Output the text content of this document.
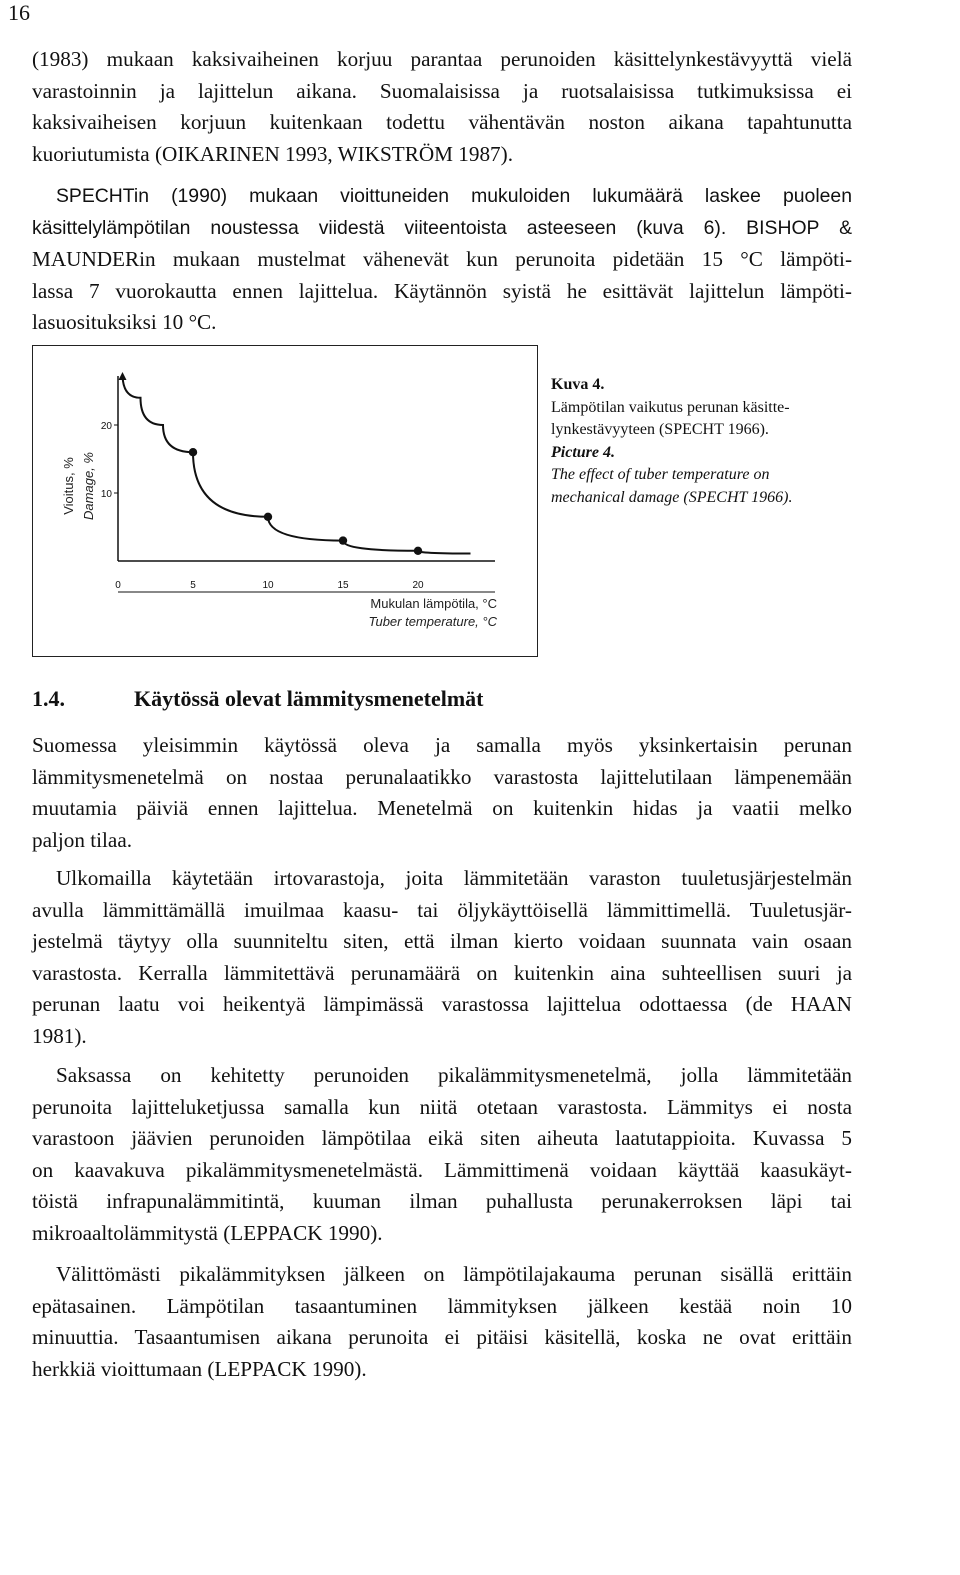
16
(1983) mukaan kaksivaiheinen korjuu parantaa perunoiden käsittelynkestävyyttä vielä
varastoinnin ja lajittelun aikana. Suomalaisissa ja ruotsalaisissa tutkimuksissa ei
kaksivaiheisen korjuun kuitenkaan todettu vähentävän noston aikana tapahtunutta
kuoriutumista (OIKARINEN 1993, WIKSTRÖM 1987).
SPECHTin (1990) mukaan vioittuneiden mukuloiden lukumäärä laskee puoleen
käsittelylämpötilan noustessa viidestä viiteentoista asteeseen (kuva 6). BISHOP &
MAUNDERin mukaan mustelmat vähenevät kun perunoita pidetään 15 °C lämpöti-
lassa 7 vuorokautta ennen lajittelua. Käytännön syistä he esittävät lajittelun lämpöti-
lasuosituksiksi 10 °C.
20
10
0	5	10	15	20
Vioitus, % Damage, %
Mukulan lämpötila, °C
Tuber temperature, °C
Kuva 4.
Lämpötilan vaikutus perunan käsitte-
lynkestävyyteen (SPECHT 1966).
Picture 4.
The effect of tuber temperature on
mechanical damage (SPECHT 1966).
1.4.	Käytössä olevat lämmitysmenetelmät
Suomessa yleisimmin käytössä oleva ja samalla myös yksinkertaisin perunan
lämmitysmenetelmä on nostaa perunalaatikko varastosta lajittelutilaan lämpenemään
muutamia päiviä ennen lajittelua. Menetelmä on kuitenkin hidas ja vaatii melko
paljon tilaa.
Ulkomailla käytetään irtovarastoja, joita lämmitetään varaston tuuletusjärjestelmän
avulla lämmittämällä imuilmaa kaasu- tai öljykäyttöisellä lämmittimellä. Tuuletusjär-
jestelmä täytyy olla suunniteltu siten, että ilman kierto voidaan suunnata vain osaan
varastosta. Kerralla lämmitettävä perunamäärä on kuitenkin aina suhteellisen suuri ja
perunan laatu voi heikentyä lämpimässä varastossa lajittelua odottaessa (de HAAN
1981).
Saksassa on kehitetty perunoiden pikalämmitysmenetelmä, jolla lämmitetään
perunoita lajitteluketjussa samalla kun niitä otetaan varastosta. Lämmitys ei nosta
varastoon jäävien perunoiden lämpötilaa eikä siten aiheuta laatutappioita. Kuvassa 5
on kaavakuva pikalämmitysmenetelmästä. Lämmittimenä voidaan käyttää kaasukäyt-
töistä infrapunalämmitintä, kuuman ilman puhallusta perunakerroksen läpi tai
mikroaaltolämmitystä (LEPPACK 1990).
Välittömästi pikalämmityksen jälkeen on lämpötilajakauma perunan sisällä erittäin
epätasainen. Lämpötilan tasaantuminen lämmityksen jälkeen kestää noin 10
minuuttia. Tasaantumisen aikana perunoita ei pitäisi käsitellä, koska ne ovat erittäin
herkkiä vioittumaan (LEPPACK 1990).
